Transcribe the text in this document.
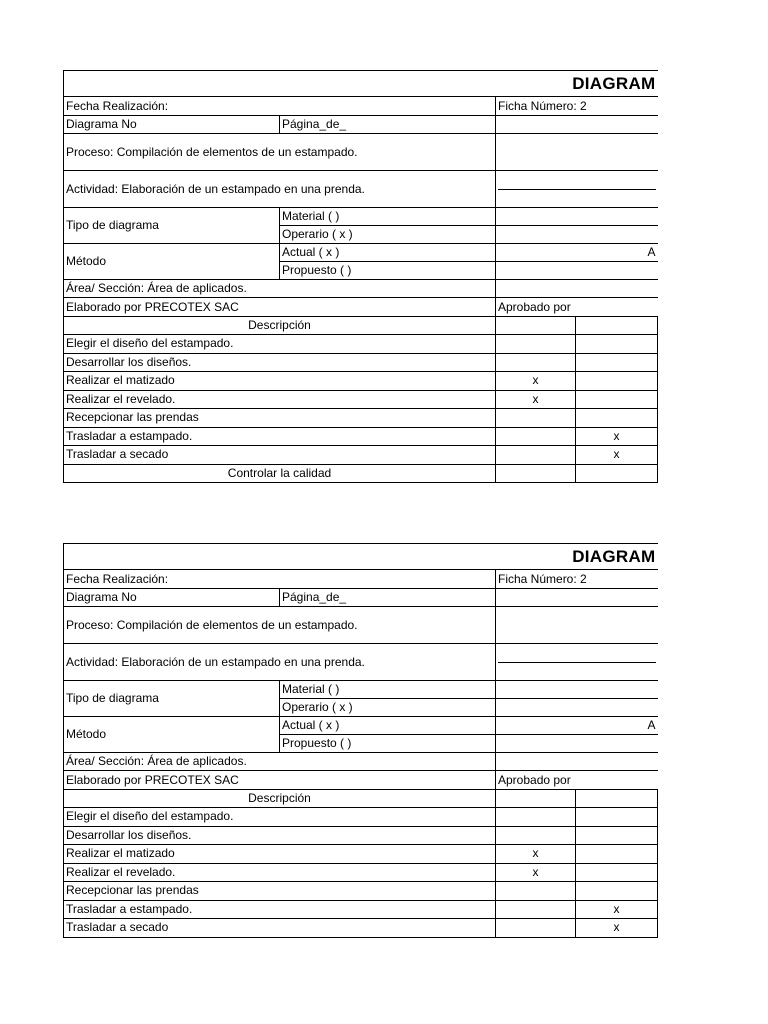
DIAGRAM			
Fecha Realización:		Ficha Número: 2	
Diagrama No	Página_de_		
Proceso: Compilación de elementos de un estampado.			
Actividad: Elaboración de un estampado en una prenda.			

Tipo de diagrama	Material ( )		
	Operario ( x )		
Método	Actual ( x )	A	
	Propuesto ( )		
Área/ Sección: Área de aplicados.			
Elaborado por PRECOTEX SAC		Aprobado por	
Descripción			
Elegir el diseño del estampado.			
Desarrollar los diseños.			
Realizar el matizado		x	
Realizar el revelado.		x	
Recepcionar las prendas			
Trasladar a estampado.			x
Trasladar a secado			x
Controlar la calidad			
DIAGRAM			
Fecha Realización:		Ficha Número: 2	
Diagrama No	Página_de_		
Proceso: Compilación de elementos de un estampado.			
Actividad: Elaboración de un estampado en una prenda.			

Tipo de diagrama	Material ( )		
	Operario ( x )		
Método	Actual ( x )	A	
	Propuesto ( )		
Área/ Sección: Área de aplicados.			
Elaborado por PRECOTEX SAC		Aprobado por	
Descripción			
Elegir el diseño del estampado.			
Desarrollar los diseños.			
Realizar el matizado		x	
Realizar el revelado.		x	
Recepcionar las prendas			
Trasladar a estampado.			x
Trasladar a secado			x
